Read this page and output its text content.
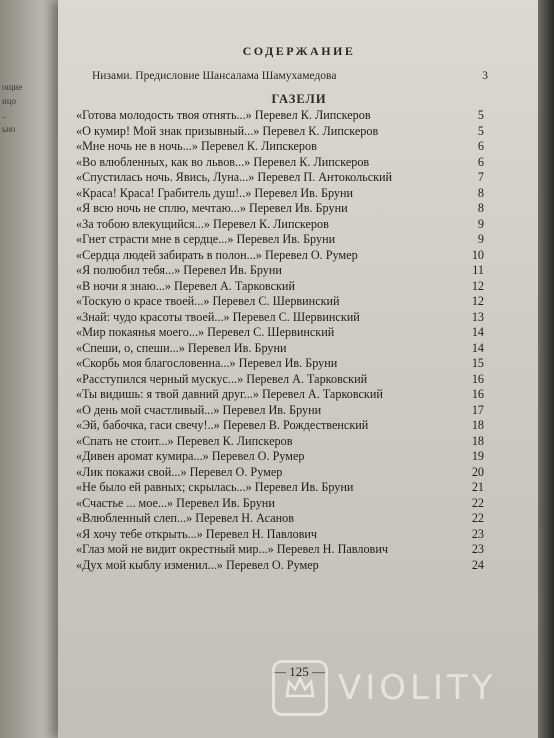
ощие
ицо
..
ьно
СОДЕРЖАНИЕ
Низами. Предисловие Шансалама Шамухамедова	3
ГАЗЕЛИ
«Готова молодость твоя отнять...» Перевел К. Липскеров	5
«О кумир! Мой знак призывный...» Перевел К. Липскеров	5
«Мне ночь не в ночь...» Перевел К. Липскеров	6
«Во влюбленных, как во львов...» Перевел К. Липскеров	6
«Спустилась ночь. Явись, Луна...» Перевел П. Антокольский	7
«Краса! Краса! Грабитель душ!..» Перевел Ив. Бруни	8
«Я всю ночь не сплю, мечтаю...» Перевел Ив. Бруни	8
«За тобою влекущийся...» Перевел К. Липскеров	9
«Гнет страсти мне в сердце...» Перевел Ив. Бруни	9
«Сердца людей забирать в полон...» Перевел О. Румер	10
«Я полюбил тебя...» Перевел Ив. Бруни	11
«В ночи я знаю...» Перевел А. Тарковский	12
«Тоскую о красе твоей...» Перевел С. Шервинский	12
«Знай: чудо красоты твоей...» Перевел С. Шервинский	13
«Мир покаянья моего...» Перевел С. Шервинский	14
«Спеши, о, спеши...» Перевел Ив. Бруни	14
«Скорбь моя благословенна...» Перевел Ив. Бруни	15
«Расступился черный мускус...» Перевел А. Тарковский	16
«Ты видишь: я твой давний друг...» Перевел А. Тарковский	16
«О день мой счастливый...» Перевел Ив. Бруни	17
«Эй, бабочка, гаси свечу!..» Перевел В. Рождественский	18
«Спать не стоит...» Перевел К. Липскеров	18
«Дивен аромат кумира...» Перевел О. Румер	19
«Лик покажи свой...» Перевел О. Румер	20
«Не было ей равных; скрылась...» Перевел Ив. Бруни	21
«Счастье ... мое...» Перевел Ив. Бруни	22
«Влюбленный слеп...» Перевел Н. Асанов	22
«Я хочу тебе открыть...» Перевел Н. Павлович	23
«Глаз мой не видит окрестный мир...» Перевел Н. Павлович	23
«Дух мой кыблу изменил...» Перевел О. Румер	24
— 125 — VIOLITY
